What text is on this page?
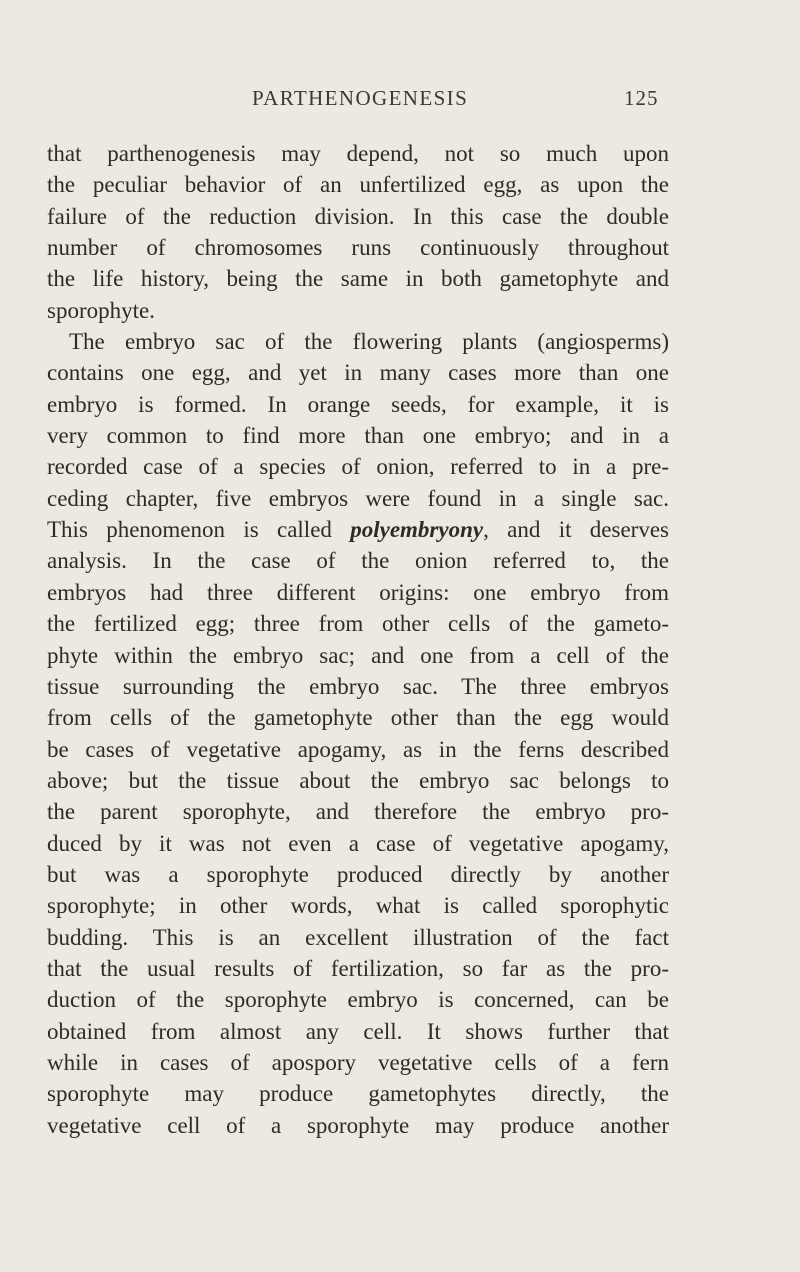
PARTHENOGENESIS	125
that parthenogenesis may depend, not so much upon
the peculiar behavior of an unfertilized egg, as upon the
failure of the reduction division. In this case the double
number of chromosomes runs continuously throughout
the life history, being the same in both gametophyte and
sporophyte.
The embryo sac of the flowering plants (angiosperms)
contains one egg, and yet in many cases more than one
embryo is formed. In orange seeds, for example, it is
very common to find more than one embryo; and in a
recorded case of a species of onion, referred to in a pre-
ceding chapter, five embryos were found in a single sac.
This phenomenon is called polyembryony, and it deserves
analysis. In the case of the onion referred to, the
embryos had three different origins: one embryo from
the fertilized egg; three from other cells of the gameto-
phyte within the embryo sac; and one from a cell of the
tissue surrounding the embryo sac. The three embryos
from cells of the gametophyte other than the egg would
be cases of vegetative apogamy, as in the ferns described
above; but the tissue about the embryo sac belongs to
the parent sporophyte, and therefore the embryo pro-
duced by it was not even a case of vegetative apogamy,
but was a sporophyte produced directly by another
sporophyte; in other words, what is called sporophytic
budding. This is an excellent illustration of the fact
that the usual results of fertilization, so far as the pro-
duction of the sporophyte embryo is concerned, can be
obtained from almost any cell. It shows further that
while in cases of apospory vegetative cells of a fern
sporophyte may produce gametophytes directly, the
vegetative cell of a sporophyte may produce another
